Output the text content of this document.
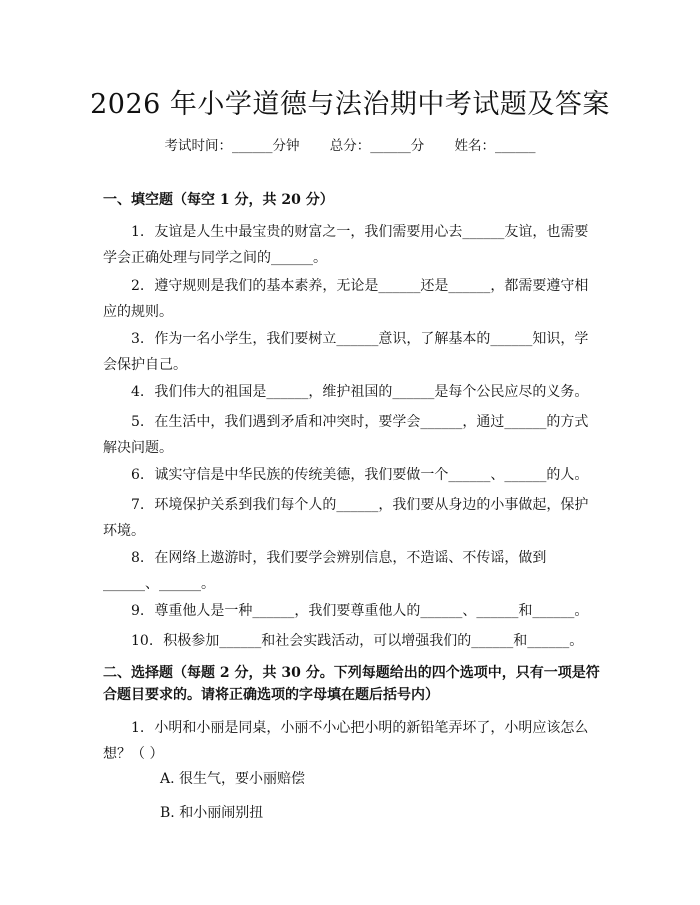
2026 年小学道德与法治期中考试题及答案
考试时间：______分钟 总分：______分 姓名：______

一、填空题（每空 1 分，共 20 分）

1. 友谊是人生中最宝贵的财富之一，我们需要用心去______友谊，也需要学会正确处理与同学之间的______。

2. 遵守规则是我们的基本素养，无论是______还是______，都需要遵守相应的规则。

3. 作为一名小学生，我们要树立______意识，了解基本的______知识，学会保护自己。

4. 我们伟大的祖国是______，维护祖国的______是每个公民应尽的义务。

5. 在生活中，我们遇到矛盾和冲突时，要学会______，通过______的方式解决问题。

6. 诚实守信是中华民族的传统美德，我们要做一个______、______的人。

7. 环境保护关系到我们每个人的______，我们要从身边的小事做起，保护环境。

8. 在网络上遨游时，我们要学会辨别信息，不造谣、不传谣，做到______、______。

9. 尊重他人是一种______，我们要尊重他人的______、______和______。

10. 积极参加______和社会实践活动，可以增强我们的______和______。

二、选择题（每题 2 分，共 30 分。下列每题给出的四个选项中，只有一项是符合题目要求的。请将正确选项的字母填在题后括号内）

1. 小明和小丽是同桌，小丽不小心把小明的新铅笔弄坏了，小明应该怎么想？（ ）

A. 很生气，要小丽赔偿

B. 和小丽闹别扭
